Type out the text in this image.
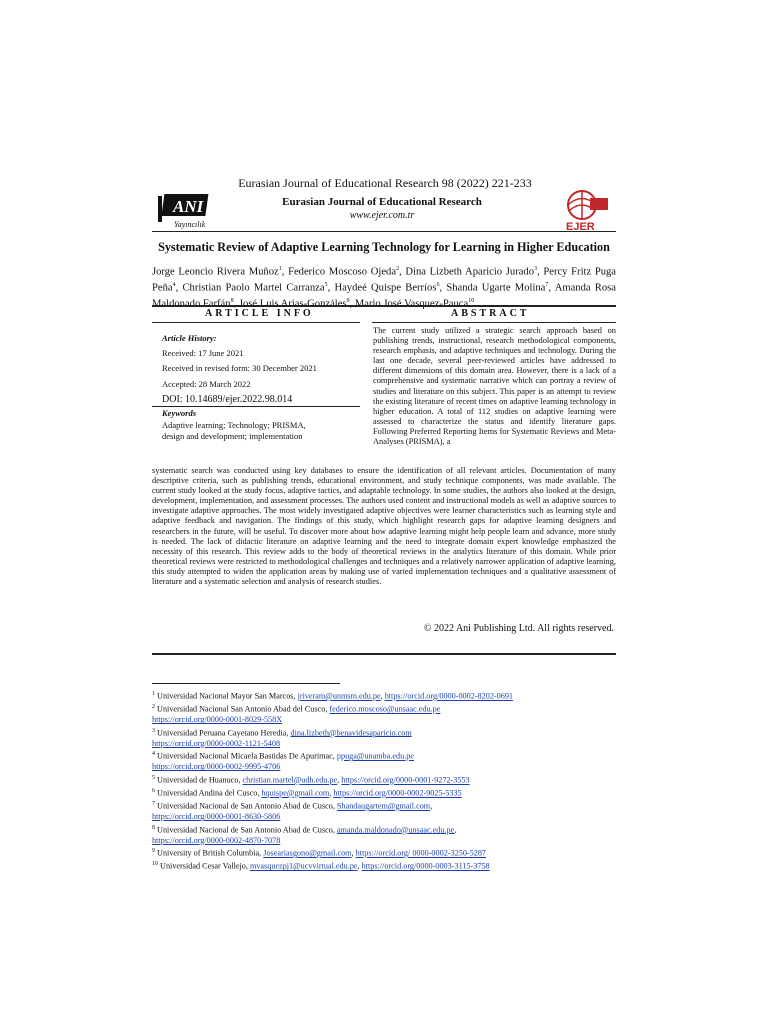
Eurasian Journal of Educational Research 98 (2022) 221-233
ANI
Yayıncılık
Eurasian Journal of Educational Research
www.ejer.com.tr
EJER
Systematic Review of Adaptive Learning Technology for Learning in Higher Education
Jorge Leoncio Rivera Muñoz$^1$, Federico Moscoso Ojeda$^2$, Dina Lizbeth Aparicio Jurado$^3$, Percy Fritz Puga Peña$^4$, Christian Paolo Martel Carranza$^5$, Haydeé Quispe Berríos$^6$, Shanda Ugarte Molina$^7$, Amanda Rosa Maldonado Farfán$^8$, José Luis Arias-Gonzáles$^9$, Mario José Vasquez-Pauca$^{10}$
ARTICLE INFO	ABSTRACT
Article History:
Received: 17 June 2021
Received in revised form: 30 December 2021
Accepted: 28 March 2022
DOI: 10.14689/ejer.2022.98.014
Keywords
Adaptive learning; Technology; PRISMA,
design and development; implementation
The current study utilized a strategic search approach based on publishing trends, instructional, research methodological components, research emphasis, and adaptive techniques and technology. During the last one decade, several peer-reviewed articles have addressed to different dimensions of this domain area. However, there is a lack of a comprehensive and systematic narrative which can portray a review of studies and literature on this subject. This paper is an attempt to review the existing literature of recent times on adaptive learning technology in higher education. A total of 112 studies on adaptive learning were assessed to characterize the status and identify literature gaps. Following Preferred Reporting Items for Systematic Reviews and Meta-Analyses (PRISMA), a
systematic search was conducted using key databases to ensure the identification of all relevant articles. Documentation of many descriptive criteria, such as publishing trends, educational environment, and study technique components, was made available. The current study looked at the study focus, adaptive tactics, and adaptable technology. In some studies, the authors also looked at the design, development, implementation, and assessment processes. The authors used content and instructional models as well as adaptive sources to investigate adaptive approaches. The most widely investigated adaptive objectives were learner characteristics such as learning style and adaptive feedback and navigation. The findings of this study, which highlight research gaps for adaptive learning designers and researchers in the future, will be useful. To discover more about how adaptive learning might help people learn and advance, more study is needed. The lack of didactic literature on adaptive learning and the need to integrate domain expert knowledge emphasized the necessity of this research. This review adds to the body of theoretical reviews in the analytics literature of this domain. While prior theoretical reviews were restricted to methodological challenges and techniques and a relatively narrower application of adaptive learning, this study attempted to widen the application areas by making use of varied implementation techniques and a qualitative assessment of literature and a systematic selection and analysis of research studies.
© 2022 Ani Publishing Ltd. All rights reserved.
$^1$ Universidad Nacional Mayor San Marcos, jriveram@unmsm.edu.pe, https://orcid.org/0000-0002-8202-0691
$^2$ Universidad Nacional San Antonio Abad del Cusco, federico.moscoso@unsaac.edu.pe
https://orcid.org/0000-0001-8029-558X
$^3$ Universidad Peruana Cayetano Heredia, dina.lizbeth@benavidesaparicio.com
https://orcid.org/0000-0002-1121-5408
$^4$ Universidad Nacional Micaela Bastidas De Apurimac, ppuga@unamba.edu.pe
https://orcid.org/0000-0002-9995-4706
$^5$ Universidad de Huanuco, christian.martel@udh.edu.pe, https://orcid.org/0000-0001-9272-3553
$^6$ Universidad Andina del Cusco, hquispe@gmail.com, https://orcid.org/0000-0002-9025-5335
$^7$ Universidad Nacional de San Antonio Abad de Cusco, Shandaugartem@gmail.com,
https://orcid.org/0000-0001-8630-5806
$^8$ Universidad Nacional de San Antonio Abad de Cusco, amanda.maldonado@unsaac.edu.pe,
https://orcid.org/0000-0002-4870-7078
$^9$ University of British Columbia, Joseariasgono@gmail.com, https://orcid.org/ 0000-0002-3250-5287
$^{10}$ Universidad Cesar Vallejo, mvasquezpj1@ucvvirtual.edu.pe, https://orcid.org/0000-0003-3115-3758
